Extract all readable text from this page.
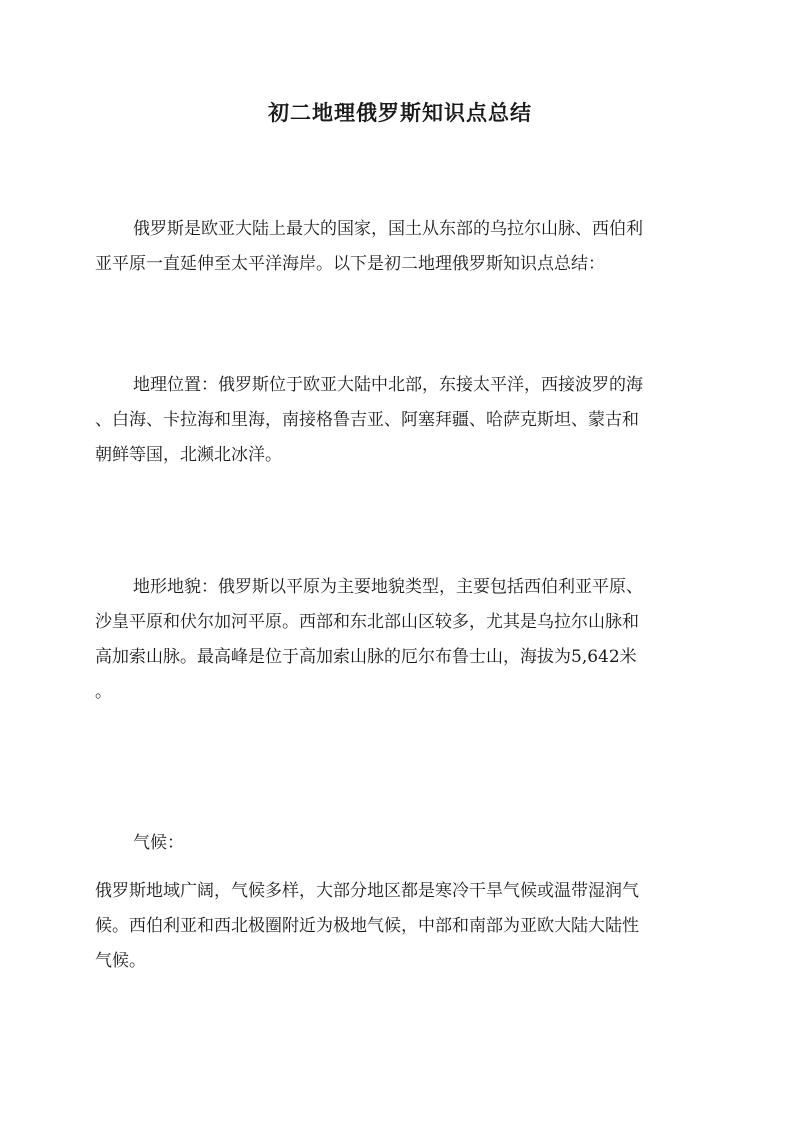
初二地理俄罗斯知识点总结
俄罗斯是欧亚大陆上最大的国家，国土从东部的乌拉尔山脉、西伯利
亚平原一直延伸至太平洋海岸。以下是初二地理俄罗斯知识点总结：
地理位置：俄罗斯位于欧亚大陆中北部，东接太平洋，西接波罗的海
、白海、卡拉海和里海，南接格鲁吉亚、阿塞拜疆、哈萨克斯坦、蒙古和
朝鲜等国，北濒北冰洋。
地形地貌：俄罗斯以平原为主要地貌类型，主要包括西伯利亚平原、
沙皇平原和伏尔加河平原。西部和东北部山区较多，尤其是乌拉尔山脉和
高加索山脉。最高峰是位于高加索山脉的厄尔布鲁士山，海拔为5,642米
。
气候：
俄罗斯地域广阔，气候多样，大部分地区都是寒冷干旱气候或温带湿润气
候。西伯利亚和西北极圈附近为极地气候，中部和南部为亚欧大陆大陆性
气候。
